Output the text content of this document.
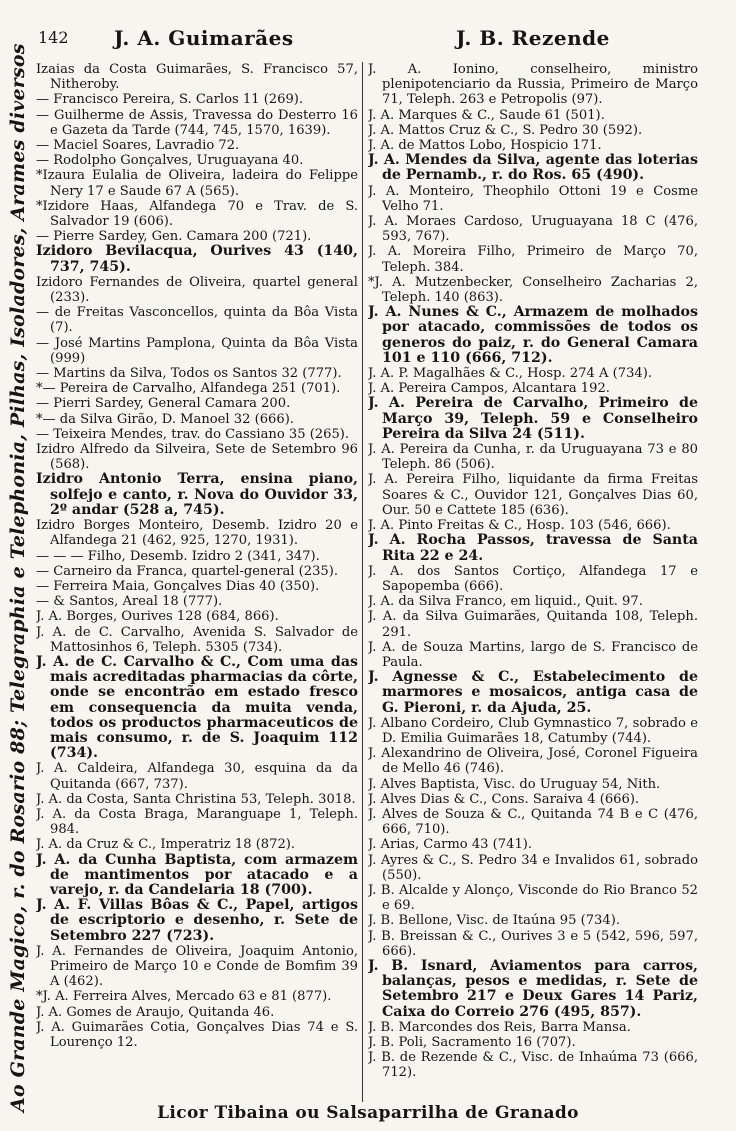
142 J. A. Guimarães	J. B. Rezende
Ao Grande Magico, r. do Rosario 88; Telegraphia e Telephonia, Pilhas, Isoladores, Arames diversos Izaias da Costa Guimarães, S. Francisco 57, Nitheroby.

— Francisco Pereira, S. Carlos 11 (269).

— Guilherme de Assis, Travessa do Desterro 16 e Gazeta da Tarde (744, 745, 1570, 1639).

— Maciel Soares, Lavradio 72.

— Rodolpho Gonçalves, Uruguayana 40.

*Izaura Eulalia de Oliveira, ladeira do Felippe Nery 17 e Saude 67 A (565).

*Izidore Haas, Alfandega 70 e Trav. de S. Salvador 19 (606).

— Pierre Sardey, Gen. Camara 200 (721).

Izidoro Bevilacqua, Ourives 43 (140, 737, 745).

Izidoro Fernandes de Oliveira, quartel general (233).

— de Freitas Vasconcellos, quinta da Bôa Vista (7).

— José Martins Pamplona, Quinta da Bôa Vista (999)

— Martins da Silva, Todos os Santos 32 (777).

*— Pereira de Carvalho, Alfandega 251 (701).

— Pierri Sardey, General Camara 200.

*— da Silva Girão, D. Manoel 32 (666).

— Teixeira Mendes, trav. do Cassiano 35 (265).

Izidro Alfredo da Silveira, Sete de Setembro 96 (568).

Izidro Antonio Terra, ensina piano, solfejo e canto, r. Nova do Ouvidor 33, 2º andar (528 a, 745).

Izidro Borges Monteiro, Desemb. Izidro 20 e Alfandega 21 (462, 925, 1270, 1931).

— — — Filho, Desemb. Izidro 2 (341, 347).

— Carneiro da Franca, quartel-general (235).

— Ferreira Maia, Gonçalves Dias 40 (350).

— & Santos, Areal 18 (777).

J. A. Borges, Ourives 128 (684, 866).

J. A. de C. Carvalho, Avenida S. Salvador de Mattosinhos 6, Teleph. 5305 (734).

J. A. de C. Carvalho & C., Com uma das mais acreditadas pharmacias da côrte, onde se encontrão em estado fresco em consequencia da muita venda, todos os productos pharmaceuticos de mais consumo, r. de S. Joaquim 112 (734).

J. A. Caldeira, Alfandega 30, esquina da da Quitanda (667, 737).

J. A. da Costa, Santa Christina 53, Teleph. 3018.

J. A. da Costa Braga, Maranguape 1, Teleph. 984.

J. A. da Cruz & C., Imperatriz 18 (872).

J. A. da Cunha Baptista, com armazem de mantimentos por atacado e a varejo, r. da Candelaria 18 (700).

J. A. F. Villas Bôas & C., Papel, artigos de escriptorio e desenho, r. Sete de Setembro 227 (723).

J. A. Fernandes de Oliveira, Joaquim Antonio, Primeiro de Março 10 e Conde de Bomfim 39 A (462).

*J. A. Ferreira Alves, Mercado 63 e 81 (877).

J. A. Gomes de Araujo, Quitanda 46.

J. A. Guimarães Cotia, Gonçalves Dias 74 e S. Lourenço 12.

J. A. Ionino, conselheiro, ministro plenipotenciario da Russia, Primeiro de Março 71, Teleph. 263 e Petropolis (97).

J. A. Marques & C., Saude 61 (501).

J. A. Mattos Cruz & C., S. Pedro 30 (592).

J. A. de Mattos Lobo, Hospicio 171.

J. A. Mendes da Silva, agente das loterias de Pernamb., r. do Ros. 65 (490).

J. A. Monteiro, Theophilo Ottoni 19 e Cosme Velho 71.

J. A. Moraes Cardoso, Uruguayana 18 C (476, 593, 767).

J. A. Moreira Filho, Primeiro de Março 70, Teleph. 384.

*J. A. Mutzenbecker, Conselheiro Zacharias 2, Teleph. 140 (863).

J. A. Nunes & C., Armazem de molhados por atacado, commissões de todos os generos do paiz, r. do General Camara 101 e 110 (666, 712).

J. A. P. Magalhães & C., Hosp. 274 A (734).

J. A. Pereira Campos, Alcantara 192.

J. A. Pereira de Carvalho, Primeiro de Março 39, Teleph. 59 e Conselheiro Pereira da Silva 24 (511).

J. A. Pereira da Cunha, r. da Uruguayana 73 e 80 Teleph. 86 (506).

J. A. Pereira Filho, liquidante da firma Freitas Soares & C., Ouvidor 121, Gonçalves Dias 60, Our. 50 e Cattete 185 (636).

J. A. Pinto Freitas & C., Hosp. 103 (546, 666).

J. A. Rocha Passos, travessa de Santa Rita 22 e 24.

J. A. dos Santos Cortiço, Alfandega 17 e Sapopemba (666).

J. A. da Silva Franco, em liquid., Quit. 97.

J. A. da Silva Guimarães, Quitanda 108, Teleph. 291.

J. A. de Souza Martins, largo de S. Francisco de Paula.

J. Agnesse & C., Estabelecimento de marmores e mosaicos, antiga casa de G. Pieroni, r. da Ajuda, 25.

J. Albano Cordeiro, Club Gymnastico 7, sobrado e D. Emilia Guimarães 18, Catumby (744).

J. Alexandrino de Oliveira, José, Coronel Figueira de Mello 46 (746).

J. Alves Baptista, Visc. do Uruguay 54, Nith.

J. Alves Dias & C., Cons. Saraiva 4 (666).

J. Alves de Souza & C., Quitanda 74 B e C (476, 666, 710).

J. Arias, Carmo 43 (741).

J. Ayres & C., S. Pedro 34 e Invalidos 61, sobrado (550).

J. B. Alcalde y Alonço, Visconde do Rio Branco 52 e 69.

J. B. Bellone, Visc. de Itaúna 95 (734).

J. B. Breissan & C., Ourives 3 e 5 (542, 596, 597, 666).

J. B. Isnard, Aviamentos para carros, balanças, pesos e medidas, r. Sete de Setembro 217 e Deux Gares 14 Pariz, Caixa do Correio 276 (495, 857).

J. B. Marcondes dos Reis, Barra Mansa.

J. B. Poli, Sacramento 16 (707).

J. B. de Rezende & C., Visc. de Inhaúma 73 (666, 712).

Licor Tibaina ou Salsaparrilha de Granado
